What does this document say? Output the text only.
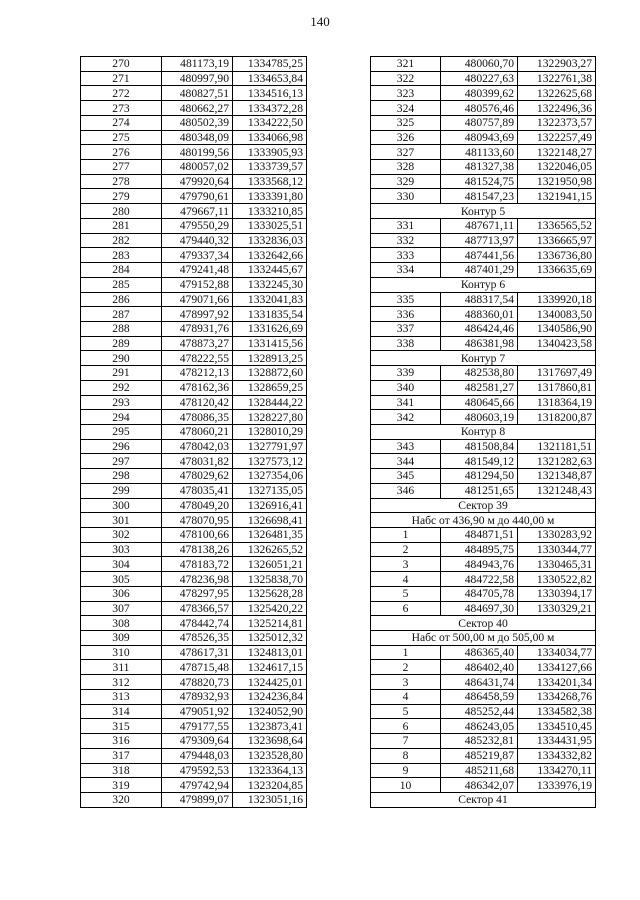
140
270	481173,19	1334785,25
271	480997,90	1334653,84
272	480827,51	1334516,13
273	480662,27	1334372,28
274	480502,39	1334222,50
275	480348,09	1334066,98
276	480199,56	1333905,93
277	480057,02	1333739,57
278	479920,64	1333568,12
279	479790,61	1333391,80
280	479667,11	1333210,85
281	479550,29	1333025,51
282	479440,32	1332836,03
283	479337,34	1332642,66
284	479241,48	1332445,67
285	479152,88	1332245,30
286	479071,66	1332041,83
287	478997,92	1331835,54
288	478931,76	1331626,69
289	478873,27	1331415,56
290	478222,55	1328913,25
291	478212,13	1328872,60
292	478162,36	1328659,25
293	478120,42	1328444,22
294	478086,35	1328227,80
295	478060,21	1328010,29
296	478042,03	1327791,97
297	478031,82	1327573,12
298	478029,62	1327354,06
299	478035,41	1327135,05
300	478049,20	1326916,41
301	478070,95	1326698,41
302	478100,66	1326481,35
303	478138,26	1326265,52
304	478183,72	1326051,21
305	478236,98	1325838,70
306	478297,95	1325628,28
307	478366,57	1325420,22
308	478442,74	1325214,81
309	478526,35	1325012,32
310	478617,31	1324813,01
311	478715,48	1324617,15
312	478820,73	1324425,01
313	478932,93	1324236,84
314	479051,92	1324052,90
315	479177,55	1323873,41
316	479309,64	1323698,64
317	479448,03	1323528,80
318	479592,53	1323364,13
319	479742,94	1323204,85
320	479899,07	1323051,16
321	480060,70	1322903,27
322	480227,63	1322761,38
323	480399,62	1322625,68
324	480576,46	1322496,36
325	480757,89	1322373,57
326	480943,69	1322257,49
327	481133,60	1322148,27
328	481327,38	1322046,05
329	481524,75	1321950,98
330	481547,23	1321941,15
Контур 5		
331	487671,11	1336565,52
332	487713,97	1336665,97
333	487441,56	1336736,80
334	487401,29	1336635,69
Контур 6		
335	488317,54	1339920,18
336	488360,01	1340083,50
337	486424,46	1340586,90
338	486381,98	1340423,58
Контур 7		
339	482538,80	1317697,49
340	482581,27	1317860,81
341	480645,66	1318364,19
342	480603,19	1318200,87
Контур 8		
343	481508,84	1321181,51
344	481549,12	1321282,63
345	481294,50	1321348,87
346	481251,65	1321248,43
Сектор 39		
Набс от 436,90 м до 440,00 м		
1	484871,51	1330283,92
2	484895,75	1330344,77
3	484943,76	1330465,31
4	484722,58	1330522,82
5	484705,78	1330394,17
6	484697,30	1330329,21
Сектор 40		
Набс от 500,00 м до 505,00 м		
1	486365,40	1334034,77
2	486402,40	1334127,66
3	486431,74	1334201,34
4	486458,59	1334268,76
5	485252,44	1334582,38
6	486243,05	1334510,45
7	485232,81	1334431,95
8	485219,87	1334332,82
9	485211,68	1334270,11
10	486342,07	1333976,19
Сектор 41		
